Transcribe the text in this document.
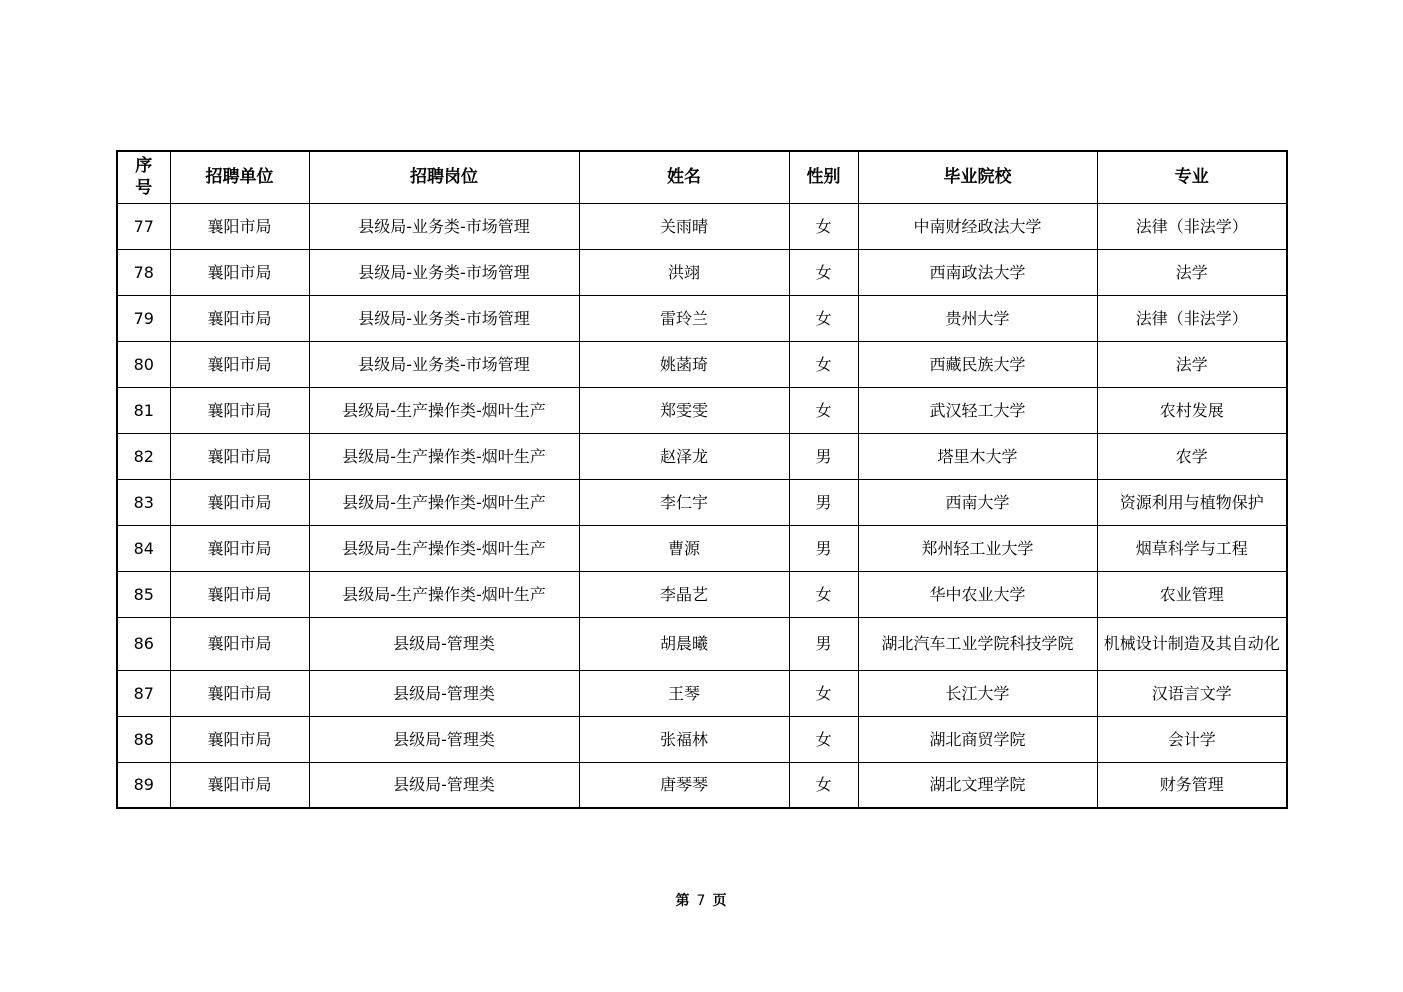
序
号	招聘单位	招聘岗位	姓名	性别	毕业院校	专业
77	襄阳市局	县级局-业务类-市场管理	关雨晴	女	中南财经政法大学	法律（非法学）
78	襄阳市局	县级局-业务类-市场管理	洪翊	女	西南政法大学	法学
79	襄阳市局	县级局-业务类-市场管理	雷玲兰	女	贵州大学	法律（非法学）
80	襄阳市局	县级局-业务类-市场管理	姚菡琦	女	西藏民族大学	法学
81	襄阳市局	县级局-生产操作类-烟叶生产	郑雯雯	女	武汉轻工大学	农村发展
82	襄阳市局	县级局-生产操作类-烟叶生产	赵泽龙	男	塔里木大学	农学
83	襄阳市局	县级局-生产操作类-烟叶生产	李仁宇	男	西南大学	资源利用与植物保护
84	襄阳市局	县级局-生产操作类-烟叶生产	曹源	男	郑州轻工业大学	烟草科学与工程
85	襄阳市局	县级局-生产操作类-烟叶生产	李晶艺	女	华中农业大学	农业管理
86	襄阳市局	县级局-管理类	胡晨曦	男	湖北汽车工业学院科技学院	机械设计制造及其自动化
87	襄阳市局	县级局-管理类	王琴	女	长江大学	汉语言文学
88	襄阳市局	县级局-管理类	张福林	女	湖北商贸学院	会计学
89	襄阳市局	县级局-管理类	唐琴琴	女	湖北文理学院	财务管理
第 7 页
